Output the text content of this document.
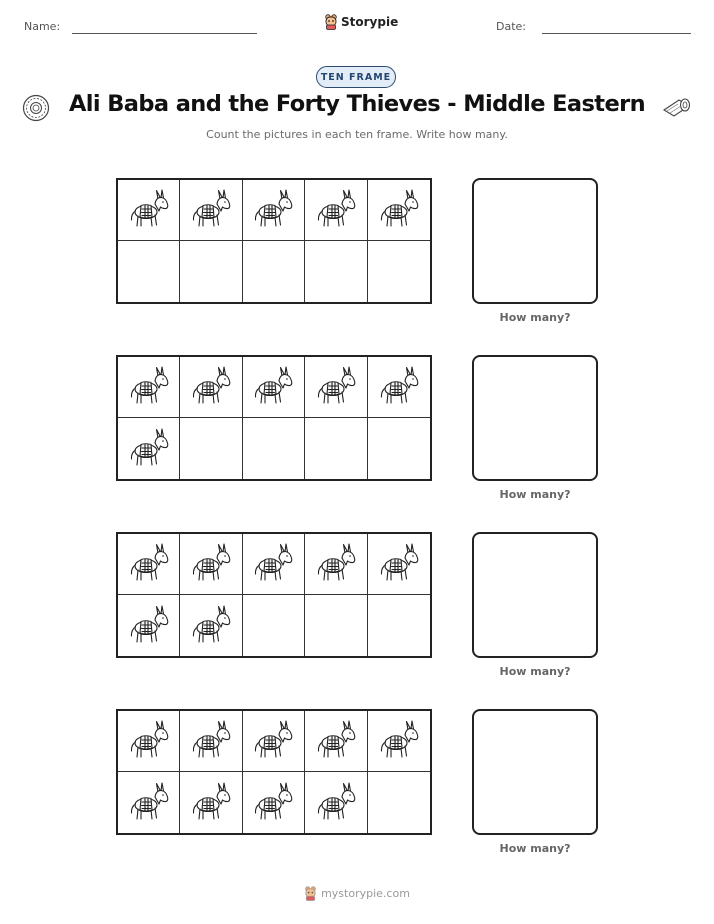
Name:	Storypie	Date:
TEN FRAME
Ali Baba and the Forty Thieves - Middle Eastern
Count the pictures in each ten frame. Write how many.
How many?
How many?
How many?
How many?
mystorypie.com
